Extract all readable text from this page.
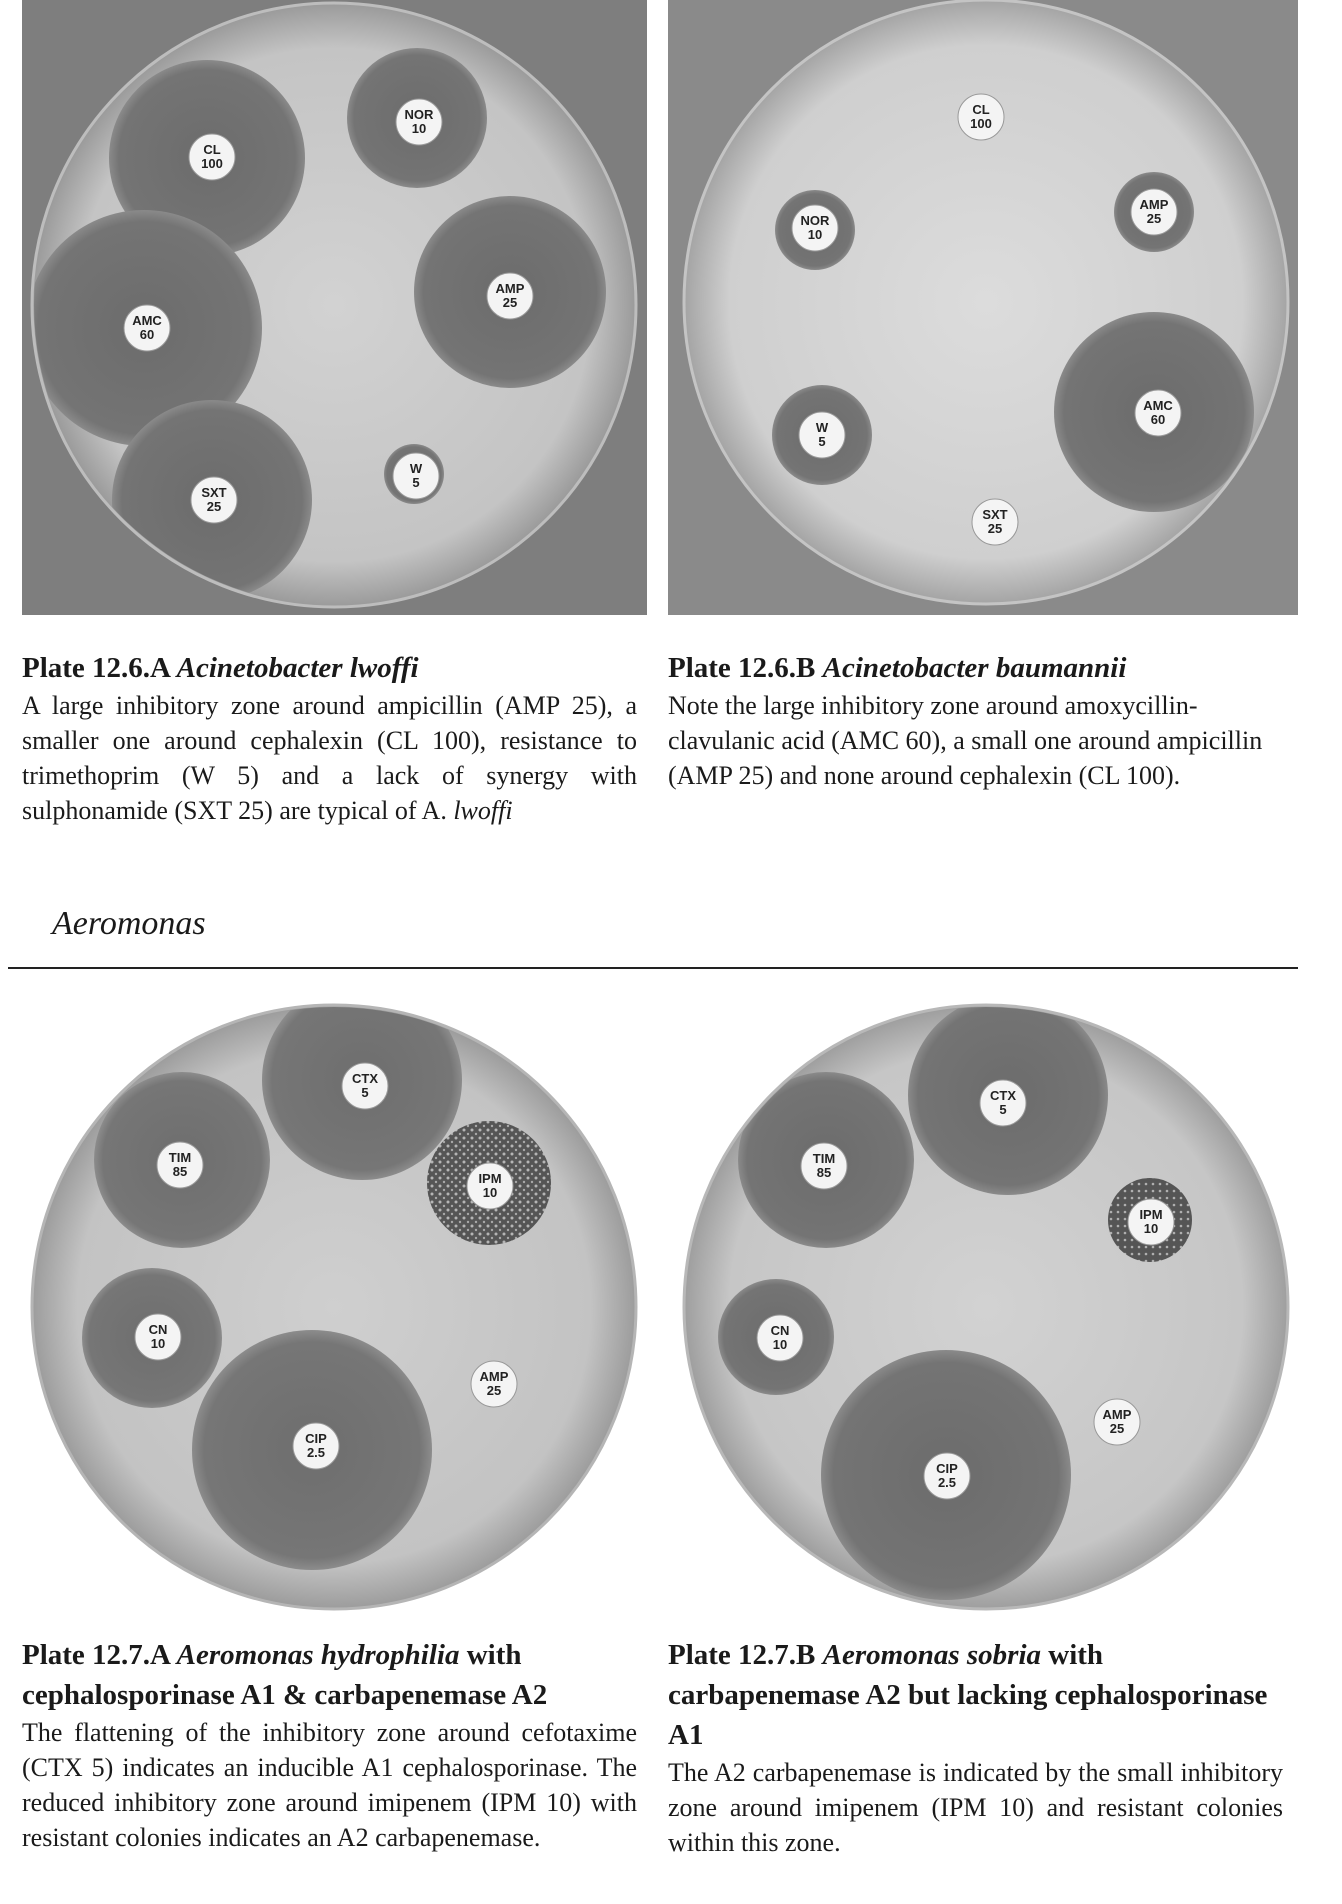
NOR
10
CL
100
AMP
25
AMC
60
W
5
SXT
25
CL
100
NOR
10
AMP
25
AMC
60
W
5
SXT
25
Plate 12.6.A Acinetobacter lwoffi
A large inhibitory zone around ampicillin (AMP 25), a smaller one around cephalexin (CL 100), resistance to trimethoprim (W 5) and a lack of synergy with sulphonamide (SXT 25) are typical of A. lwoffi
Plate 12.6.B Acinetobacter baumannii
Note the large inhibitory zone around amoxycillin-clavulanic acid (AMC 60), a small one around ampicillin (AMP 25) and none around cephalexin (CL 100).
Aeromonas
CTX
5
TIM
85	IPM
10
CN
10
AMP
25
CIP
2.5
CTX
5
TIM
85
IPM
10
CN
10
AMP
25
CIP
2.5
Plate 12.7.A Aeromonas hydrophilia with cephalosporinase A1 & carbapenemase A2
The flattening of the inhibitory zone around cefotaxime (CTX 5) indicates an inducible A1 cephalosporinase. The reduced inhibitory zone around imipenem (IPM 10) with resistant colonies indicates an A2 carbapenemase.
Plate 12.7.B Aeromonas sobria with carbapenemase A2 but lacking cephalosporinase A1
The A2 carbapenemase is indicated by the small inhibitory zone around imipenem (IPM 10) and resistant colonies within this zone.
